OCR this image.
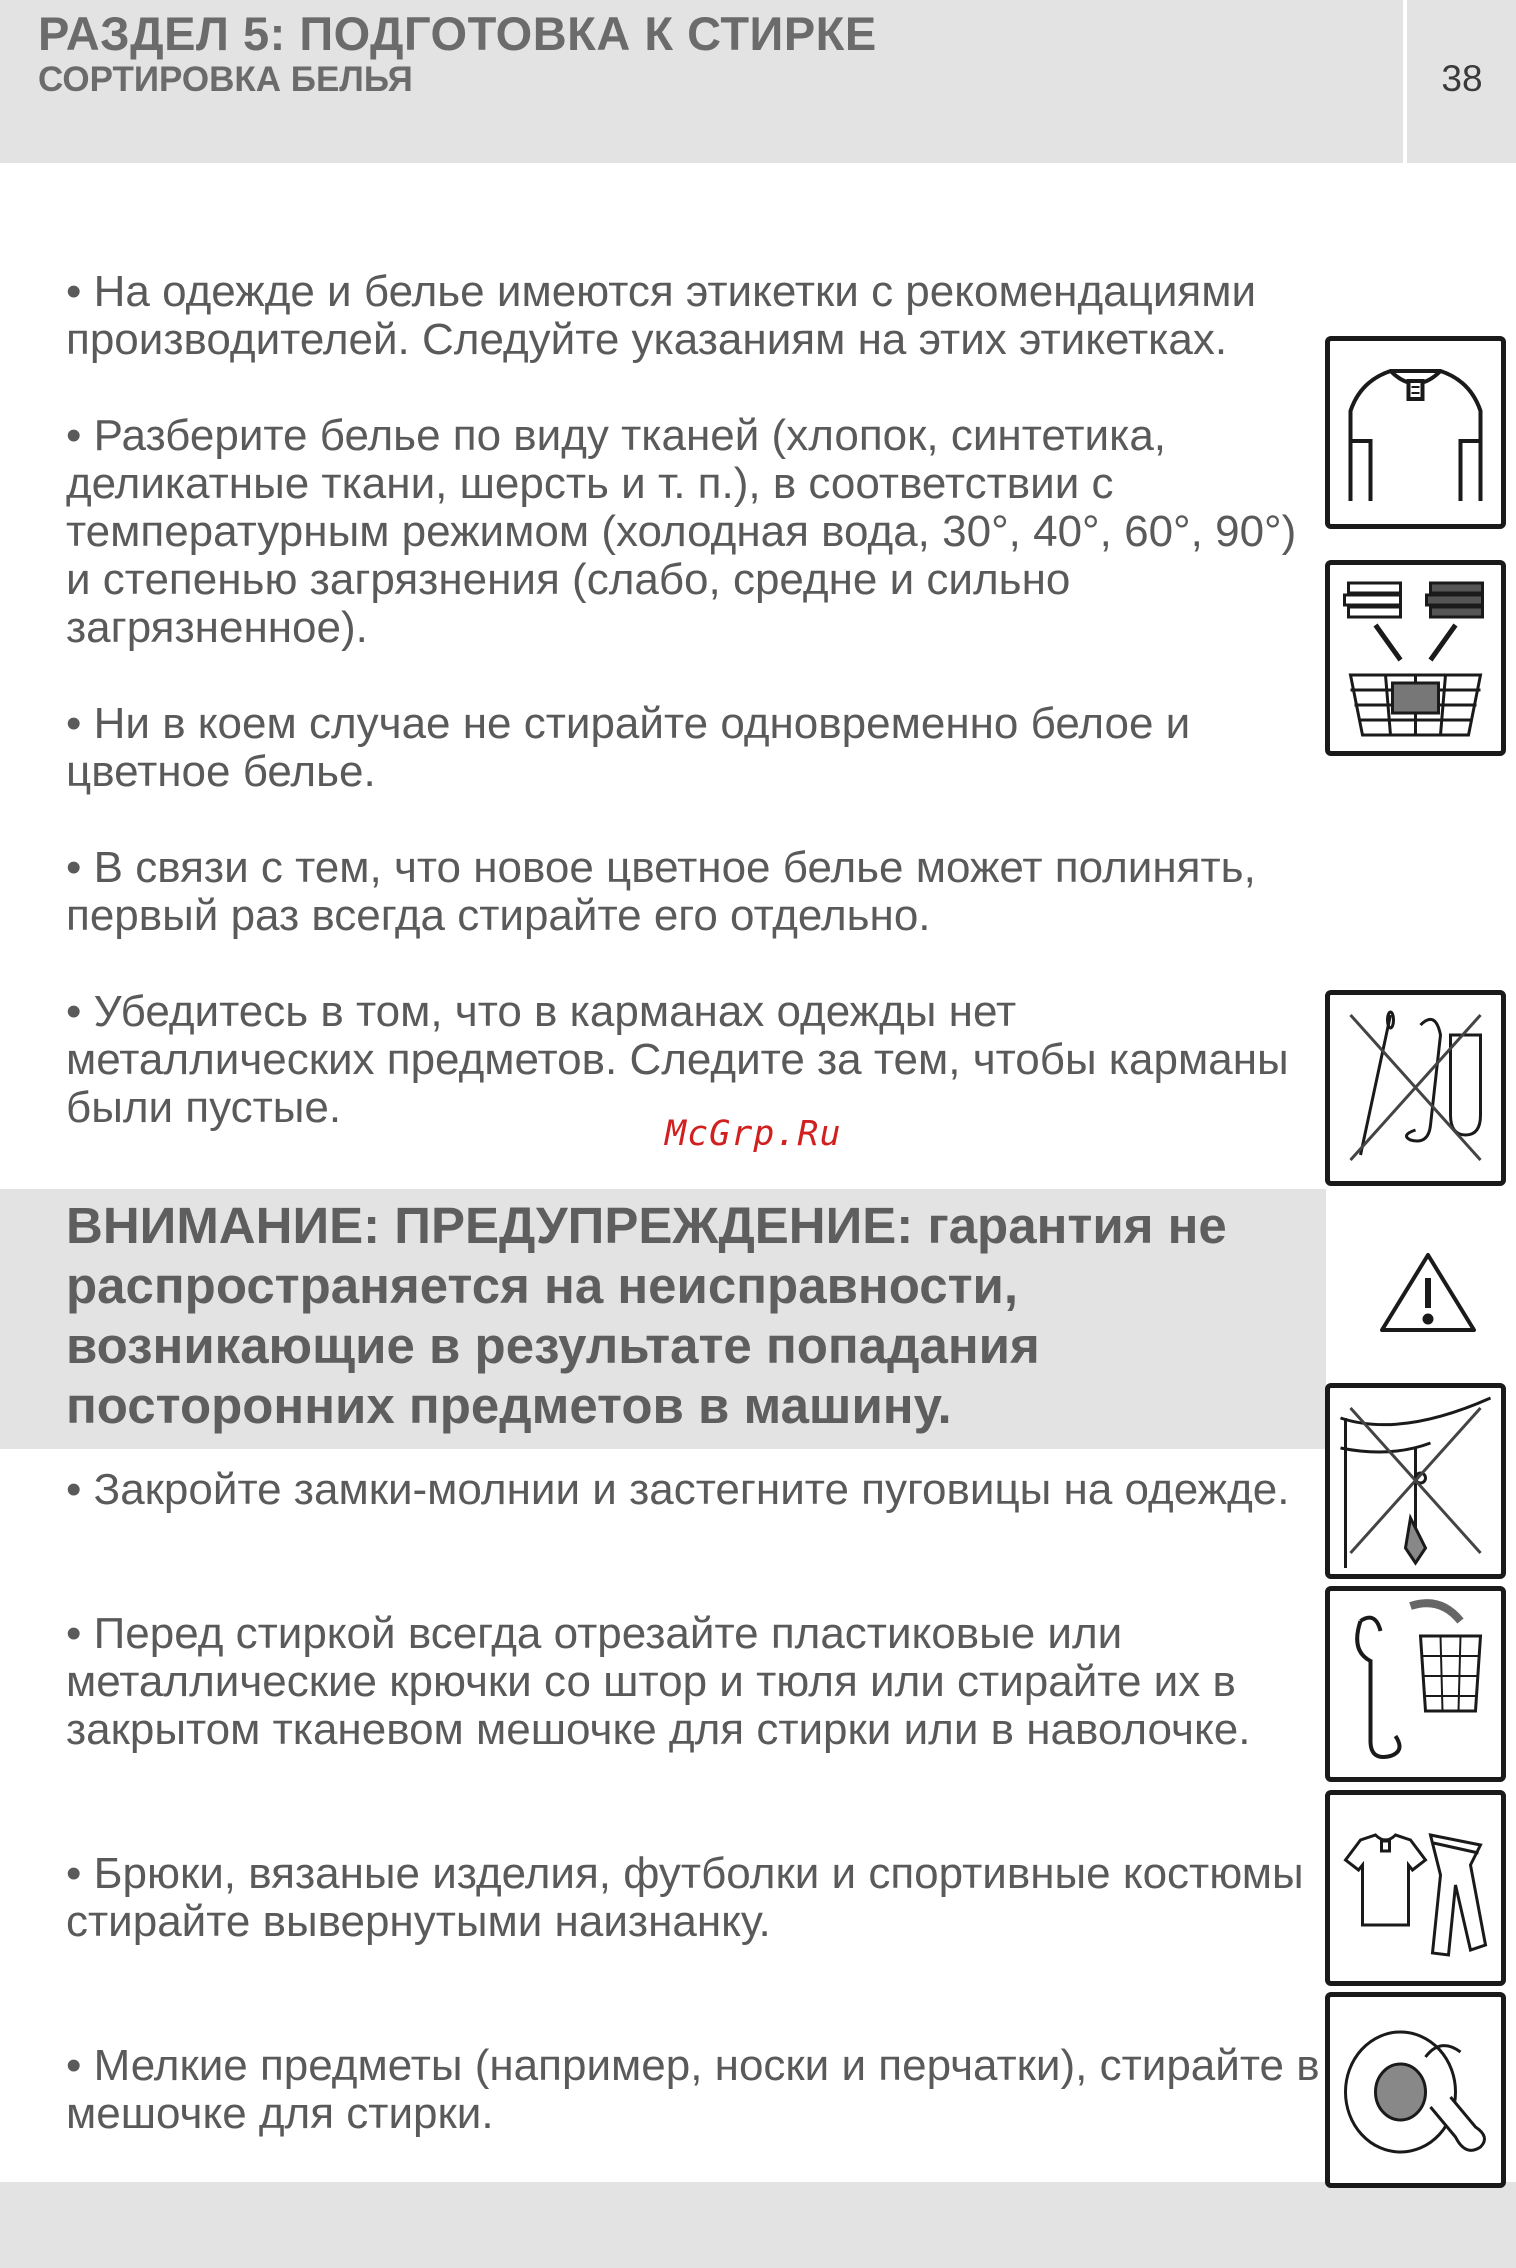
РАЗДЕЛ 5: ПОДГОТОВКА К СТИРКЕ
СОРТИРОВКА БЕЛЬЯ	38

• На одежде и белье имеются этикетки с рекомендациями производителей. Следуйте указаниям на этих этикетках.

• Разберите белье по виду тканей (хлопок, синтетика, деликатные ткани, шерсть и т. п.), в соответствии с температурным режимом (холодная вода, 30°, 40°, 60°, 90°) и степенью загрязнения (слабо, средне и сильно загрязненное).

• Ни в коем случае не стирайте одновременно белое и цветное белье.

• В связи с тем, что новое цветное белье может полинять, первый раз всегда стирайте его отдельно.

• Убедитесь в том, что в карманах одежды нет металлических предметов. Следите за тем, чтобы карманы были пустые.

McGrp.Ru

ВНИМАНИЕ: ПРЕДУПРЕЖДЕНИЕ: гарантия не распространяется на неисправности, возникающие в результате попадания посторонних предметов в машину.

• Закройте замки-молнии и застегните пуговицы на одежде.

• Перед стиркой всегда отрезайте пластиковые или металлические крючки со штор и тюля или стирайте их в закрытом тканевом мешочке для стирки или в наволочке.

• Брюки, вязаные изделия, футболки и спортивные костюмы стирайте вывернутыми наизнанку.

• Мелкие предметы (например, носки и перчатки), стирайте в мешочке для стирки.
